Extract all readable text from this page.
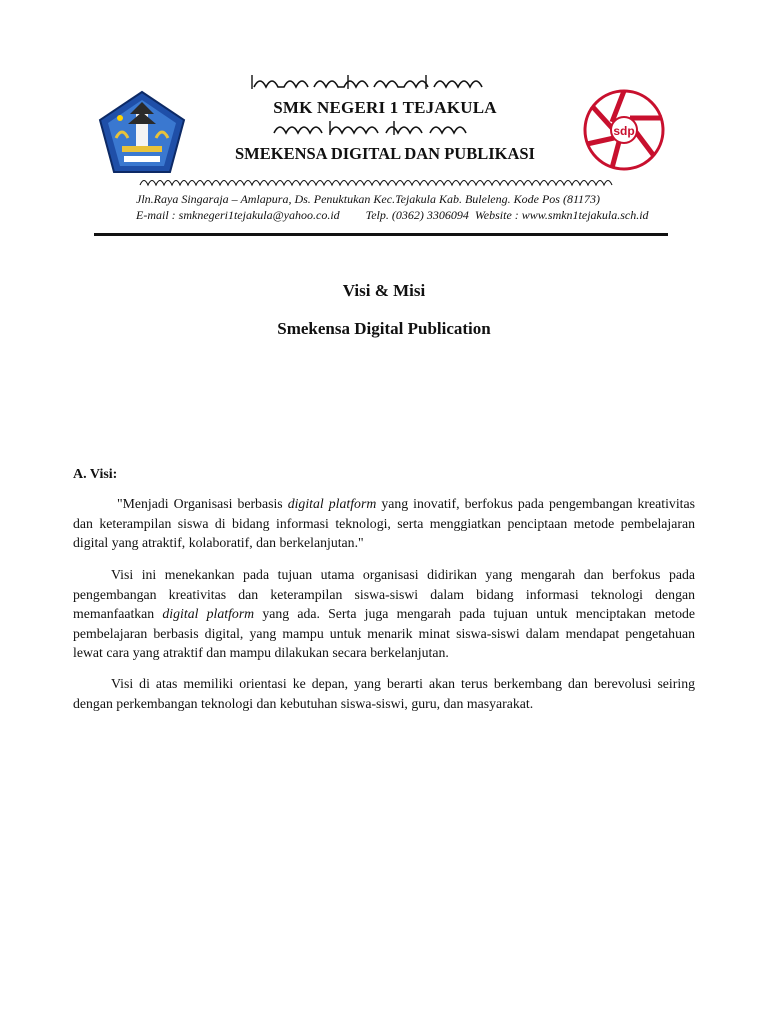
SMK NEGERI 1 TEJAKULA
SMEKENSA DIGITAL DAN PUBLIKASI
Jln.Raya Singaraja – Amlapura, Ds. Penuktukan Kec.Tejakula Kab. Buleleng. Kode Pos (81173)
E-mail : smknegeri1tejakula@yahoo.co.id Telp. (0362) 3306094 Website : www.smkn1tejakula.sch.id
sdp
Visi & Misi
Smekensa Digital Publication
A. Visi:

"Menjadi Organisasi berbasis digital platform yang inovatif, berfokus pada pengembangan kreativitas dan keterampilan siswa di bidang informasi teknologi, serta menggiatkan penciptaan metode pembelajaran digital yang atraktif, kolaboratif, dan berkelanjutan."

Visi ini menekankan pada tujuan utama organisasi didirikan yang mengarah dan berfokus pada pengembangan kreativitas dan keterampilan siswa-siswi dalam bidang informasi teknologi dengan memanfaatkan digital platform yang ada. Serta juga mengarah pada tujuan untuk menciptakan metode pembelajaran berbasis digital, yang mampu untuk menarik minat siswa-siswi dalam mendapat pengetahuan lewat cara yang atraktif dan mampu dilakukan secara berkelanjutan.

Visi di atas memiliki orientasi ke depan, yang berarti akan terus berkembang dan berevolusi seiring dengan perkembangan teknologi dan kebutuhan siswa-siswi, guru, dan masyarakat.
